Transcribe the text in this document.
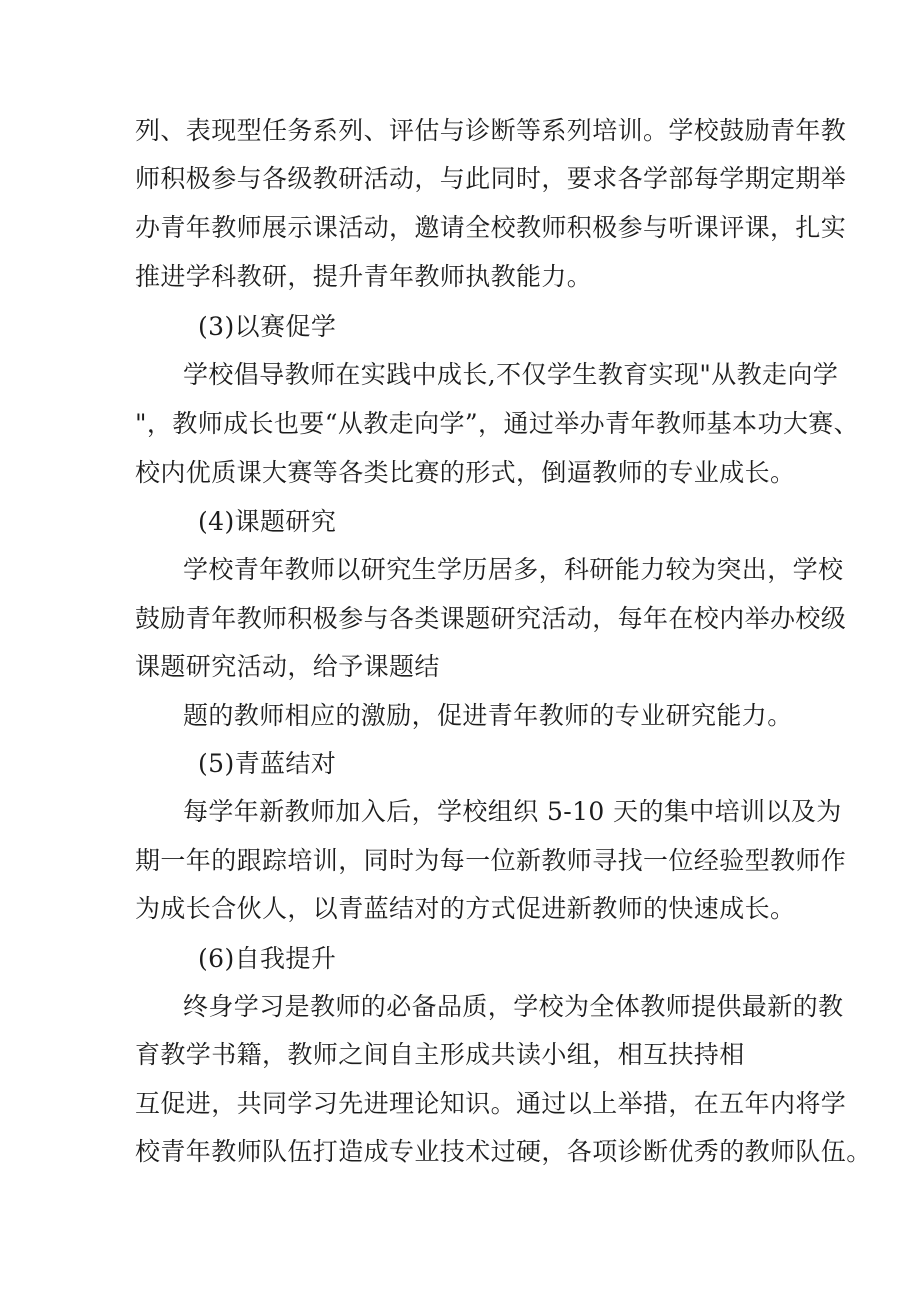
列、表现型任务系列、评估与诊断等系列培训。学校鼓励青年教
师积极参与各级教研活动，与此同时，要求各学部每学期定期举
办青年教师展示课活动，邀请全校教师积极参与听课评课，扎实
推进学科教研，提升青年教师执教能力。
(3)以赛促学
学校倡导教师在实践中成长,不仅学生教育实现"从教走向学
"，教师成长也要“从教走向学”，通过举办青年教师基本功大赛、
校内优质课大赛等各类比赛的形式，倒逼教师的专业成长。
(4)课题研究
学校青年教师以研究生学历居多，科研能力较为突出，学校
鼓励青年教师积极参与各类课题研究活动，每年在校内举办校级
课题研究活动，给予课题结
题的教师相应的激励，促进青年教师的专业研究能力。
(5)青蓝结对
每学年新教师加入后，学校组织 5-10 天的集中培训以及为
期一年的跟踪培训，同时为每一位新教师寻找一位经验型教师作
为成长合伙人，以青蓝结对的方式促进新教师的快速成长。
(6)自我提升
终身学习是教师的必备品质，学校为全体教师提供最新的教
育教学书籍，教师之间自主形成共读小组，相互扶持相
互促进，共同学习先进理论知识。通过以上举措，在五年内将学
校青年教师队伍打造成专业技术过硬，各项诊断优秀的教师队伍。
